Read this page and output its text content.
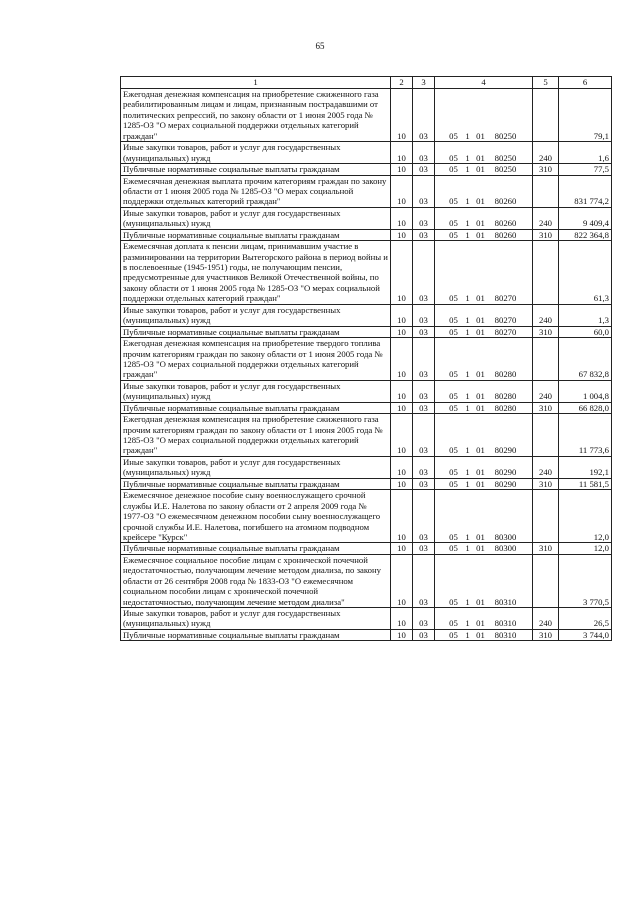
65
1	2	3	4	5	6
Ежегодная денежная компенсация на приобретение сжиженного газа реабилитированным лицам и лицам, признанным пострадавшими от политических репрессий, по закону области от 1 июня 2005 года № 1285-ОЗ "О мерах социальной поддержки отдельных категорий граждан"	10	03	05 1 01 80250		79,1
Иные закупки товаров, работ и услуг для государственных (муниципальных) нужд	10	03	05 1 01 80250	240	1,6
Публичные нормативные социальные выплаты гражданам	10	03	05 1 01 80250	310	77,5
Ежемесячная денежная выплата прочим категориям граждан по закону области от 1 июня 2005 года № 1285-ОЗ "О мерах социальной поддержки отдельных категорий граждан"	10	03	05 1 01 80260		831 774,2
Иные закупки товаров, работ и услуг для государственных (муниципальных) нужд	10	03	05 1 01 80260	240	9 409,4
Публичные нормативные социальные выплаты гражданам	10	03	05 1 01 80260	310	822 364,8
Ежемесячная доплата к пенсии лицам, принимавшим участие в разминировании на территории Вытегорского района в период войны и в послевоенные (1945-1951) годы, не получающим пенсии, предусмотренные для участников Великой Отечественной войны, по закону области от 1 июня 2005 года № 1285-ОЗ "О мерах социальной поддержки отдельных категорий граждан"	10	03	05 1 01 80270		61,3
Иные закупки товаров, работ и услуг для государственных (муниципальных) нужд	10	03	05 1 01 80270	240	1,3
Публичные нормативные социальные выплаты гражданам	10	03	05 1 01 80270	310	60,0
Ежегодная денежная компенсация на приобретение твердого топлива прочим категориям граждан по закону области от 1 июня 2005 года № 1285-ОЗ "О мерах социальной поддержки отдельных категорий граждан"	10	03	05 1 01 80280		67 832,8
Иные закупки товаров, работ и услуг для государственных (муниципальных) нужд	10	03	05 1 01 80280	240	1 004,8
Публичные нормативные социальные выплаты гражданам	10	03	05 1 01 80280	310	66 828,0
Ежегодная денежная компенсация на приобретение сжиженного газа прочим категориям граждан по закону области от 1 июня 2005 года № 1285-ОЗ "О мерах социальной поддержки отдельных категорий граждан"	10	03	05 1 01 80290		11 773,6
Иные закупки товаров, работ и услуг для государственных (муниципальных) нужд	10	03	05 1 01 80290	240	192,1
Публичные нормативные социальные выплаты гражданам	10	03	05 1 01 80290	310	11 581,5
Ежемесячное денежное пособие сыну военнослужащего срочной службы И.Е. Налетова по закону области от 2 апреля 2009 года № 1977-ОЗ "О ежемесячном денежном пособии сыну военнослужащего срочной службы И.Е. Налетова, погибшего на атомном подводном крейсере "Курск"	10	03	05 1 01 80300		12,0
Публичные нормативные социальные выплаты гражданам	10	03	05 1 01 80300	310	12,0
Ежемесячное социальное пособие лицам с хронической почечной недостаточностью, получающим лечение методом диализа, по закону области от 26 сентября 2008 года № 1833-ОЗ "О ежемесячном социальном пособии лицам с хронической почечной недостаточностью, получающим лечение методом диализа"	10	03	05 1 01 80310		3 770,5
Иные закупки товаров, работ и услуг для государственных (муниципальных) нужд	10	03	05 1 01 80310	240	26,5
Публичные нормативные социальные выплаты гражданам	10	03	05 1 01 80310	310	3 744,0
